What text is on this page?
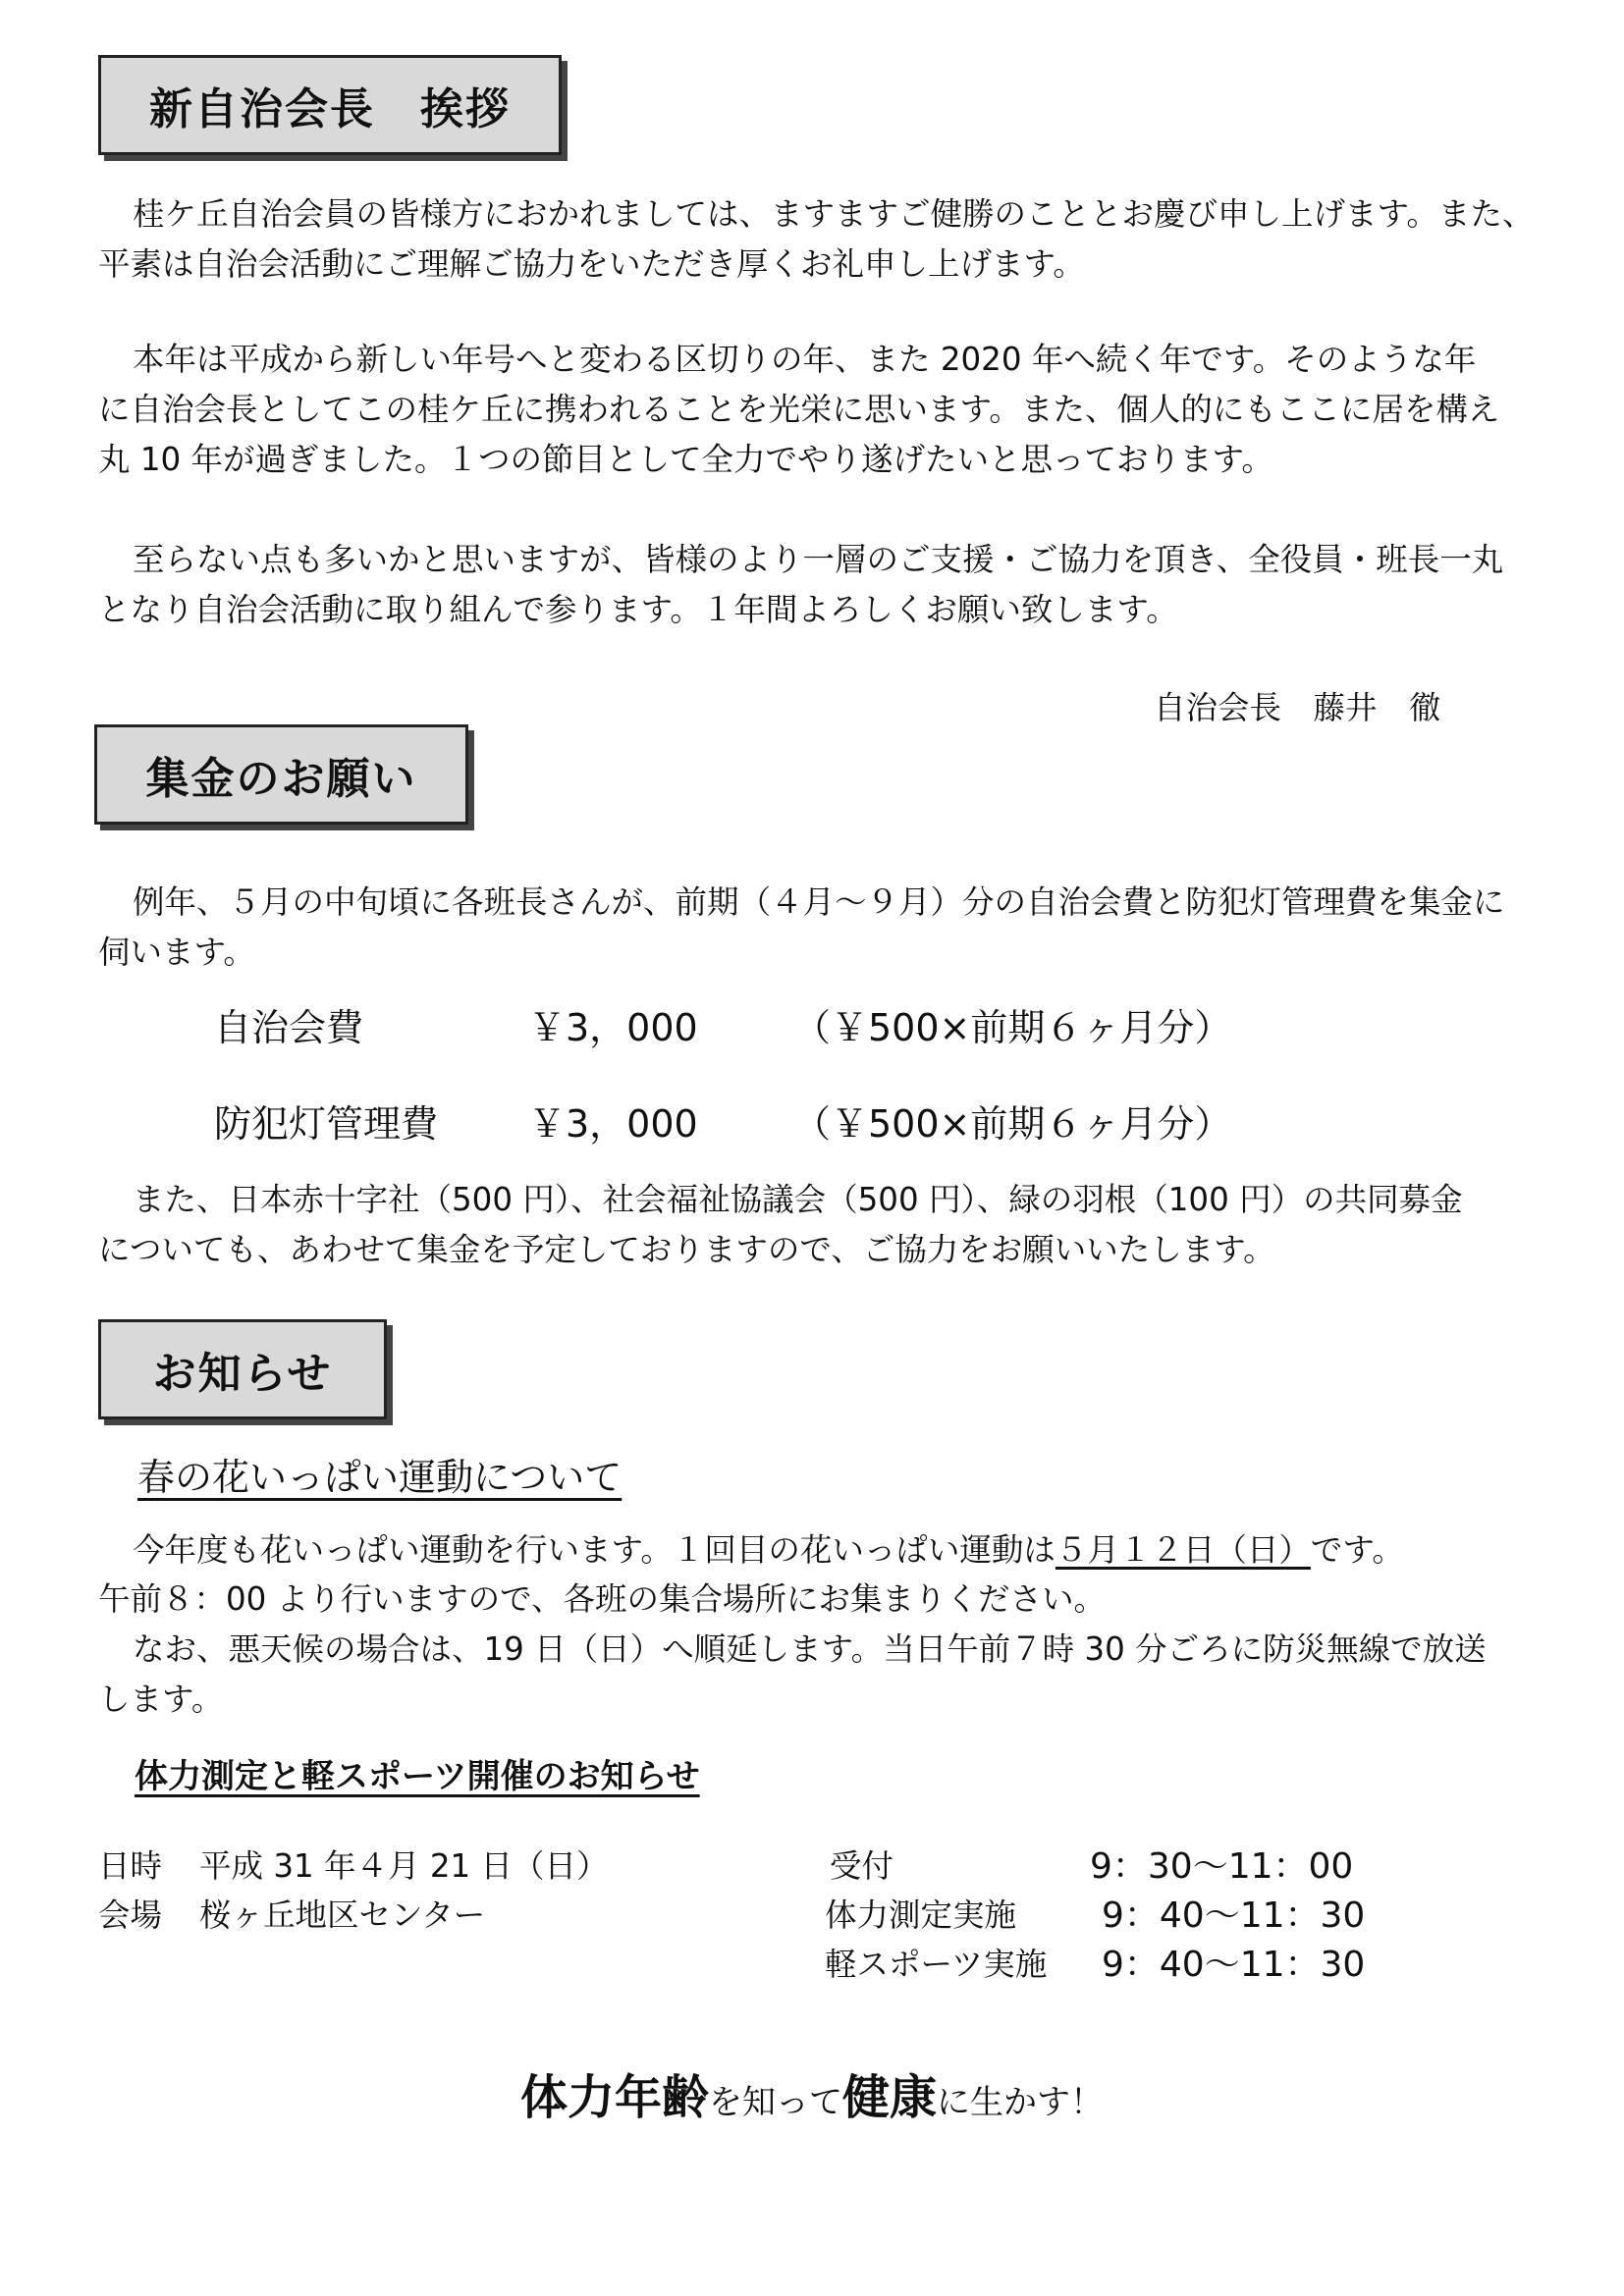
新自治会長　挨拶
桂ケ丘自治会員の皆様方におかれましては、ますますご健勝のこととお慶び申し上げます。また、
平素は自治会活動にご理解ご協力をいただき厚くお礼申し上げます。
本年は平成から新しい年号へと変わる区切りの年、また 2020 年へ続く年です。そのような年
に自治会長としてこの桂ケ丘に携われることを光栄に思います。また、個人的にもここに居を構え
丸 10 年が過ぎました。１つの節目として全力でやり遂げたいと思っております。
至らない点も多いかと思いますが、皆様のより一層のご支援・ご協力を頂き、全役員・班長一丸
となり自治会活動に取り組んで参ります。１年間よろしくお願い致します。
自治会長　藤井　徹
集金のお願い
例年、５月の中旬頃に各班長さんが、前期（４月～９月）分の自治会費と防犯灯管理費を集金に
伺います。
自治会費	￥3，000	（￥500×前期６ヶ月分）
防犯灯管理費 ￥3，000	（￥500×前期６ヶ月分）
また、日本赤十字社（500 円）、社会福祉協議会（500 円）、緑の羽根（100 円）の共同募金
についても、あわせて集金を予定しておりますので、ご協力をお願いいたします。
お知らせ
春の花いっぱい運動について
今年度も花いっぱい運動を行います。１回目の花いっぱい運動は５月１２日（日）です。
午前８：00 より行いますので、各班の集合場所にお集まりください。
なお、悪天候の場合は、19 日（日）へ順延します。当日午前７時 30 分ごろに防災無線で放送
します。
体力測定と軽スポーツ開催のお知らせ
日時 平成 31 年４月 21 日（日）
会場 桜ヶ丘地区センター
受付	9：30～11：00
体力測定実施 9：40～11：30
軽スポーツ実施 9：40～11：30
体力年齢を知って健康に生かす！
